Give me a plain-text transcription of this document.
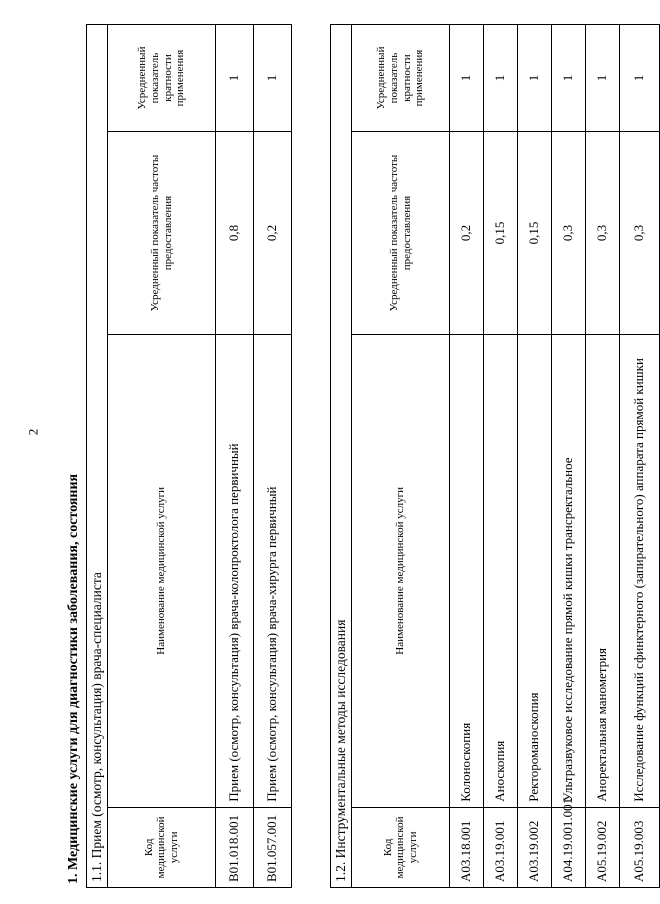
2
1. Медицинские услуги для диагностики заболевания, состояния 1.1. Прием (осмотр, консультация) врача-специалиста			
Код медицинской услуги	Наименование медицинской услуги	Усредненный показатель частоты предоставления	Усредненный показатель кратности применения
B01.018.001	Прием (осмотр, консультация) врача-колопроктолога первичный	0,8	1
B01.057.001	Прием (осмотр, консультация) врача-хирурга первичный	0,2	1
1.2. Инструментальные методы исследования			
Код медицинской услуги	Наименование медицинской услуги	Усредненный показатель частоты предоставления	Усредненный показатель кратности применения
A03.18.001	Колоноскопия	0,2	1
A03.19.001	Аноскопия	0,15	1
A03.19.002	Ректороманоскопия	0,15	1
A04.19.001.001	Ультразвуковое исследование прямой кишки трансректальное	0,3	1
A05.19.002	Аноректальная манометрия	0,3	1
A05.19.003	Исследование функций сфинктерного (запирательного) аппарата прямой кишки	0,3	1
